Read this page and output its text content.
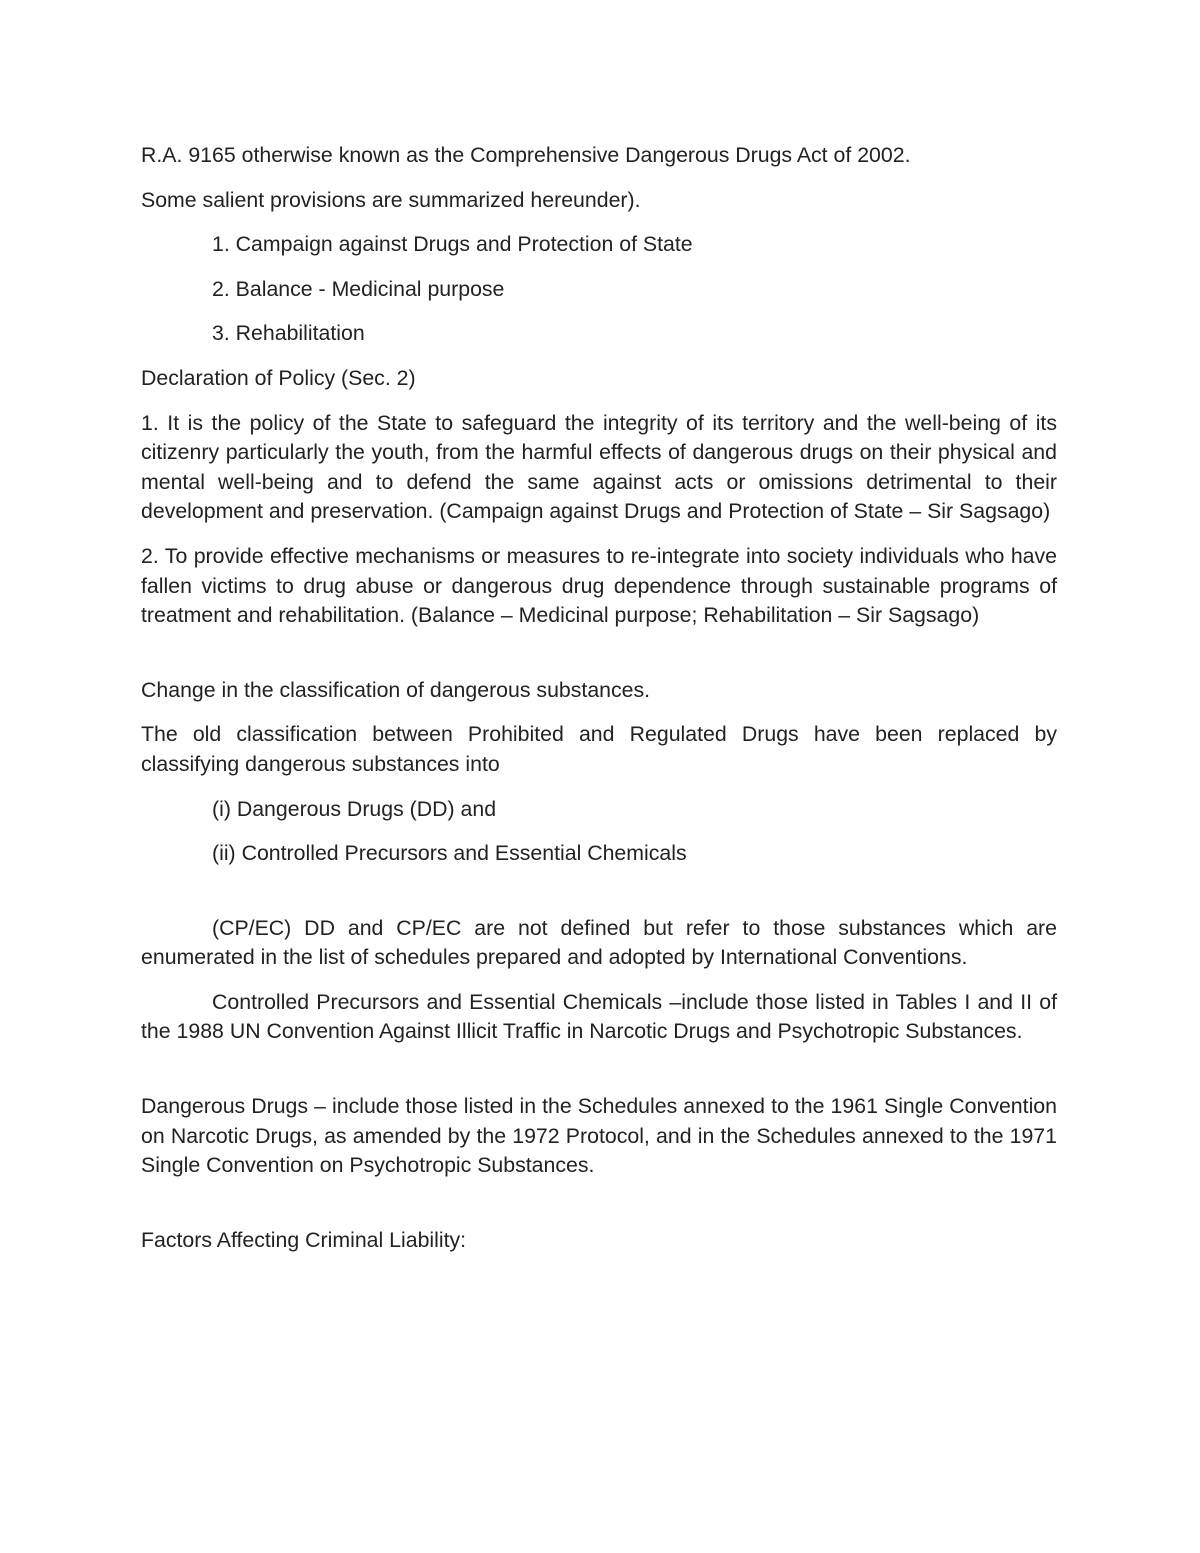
R.A. 9165 otherwise known as the Comprehensive Dangerous Drugs Act of 2002.

Some salient provisions are summarized hereunder).

1. Campaign against Drugs and Protection of State

2. Balance - Medicinal purpose

3. Rehabilitation

Declaration of Policy (Sec. 2)

1. It is the policy of the State to safeguard the integrity of its territory and the well-being of its citizenry particularly the youth, from the harmful effects of dangerous drugs on their physical and mental well-being and to defend the same against acts or omissions detrimental to their development and preservation. (Campaign against Drugs and Protection of State – Sir Sagsago)

2. To provide effective mechanisms or measures to re-integrate into society individuals who have fallen victims to drug abuse or dangerous drug dependence through sustainable programs of treatment and rehabilitation. (Balance – Medicinal purpose; Rehabilitation – Sir Sagsago)

Change in the classification of dangerous substances.

The old classification between Prohibited and Regulated Drugs have been replaced by classifying dangerous substances into

(i) Dangerous Drugs (DD) and

(ii) Controlled Precursors and Essential Chemicals

(CP/EC) DD and CP/EC are not defined but refer to those substances which are enumerated in the list of schedules prepared and adopted by International Conventions.

Controlled Precursors and Essential Chemicals –include those listed in Tables I and II of the 1988 UN Convention Against Illicit Traffic in Narcotic Drugs and Psychotropic Substances.

Dangerous Drugs – include those listed in the Schedules annexed to the 1961 Single Convention on Narcotic Drugs, as amended by the 1972 Protocol, and in the Schedules annexed to the 1971 Single Convention on Psychotropic Substances.

Factors Affecting Criminal Liability:
